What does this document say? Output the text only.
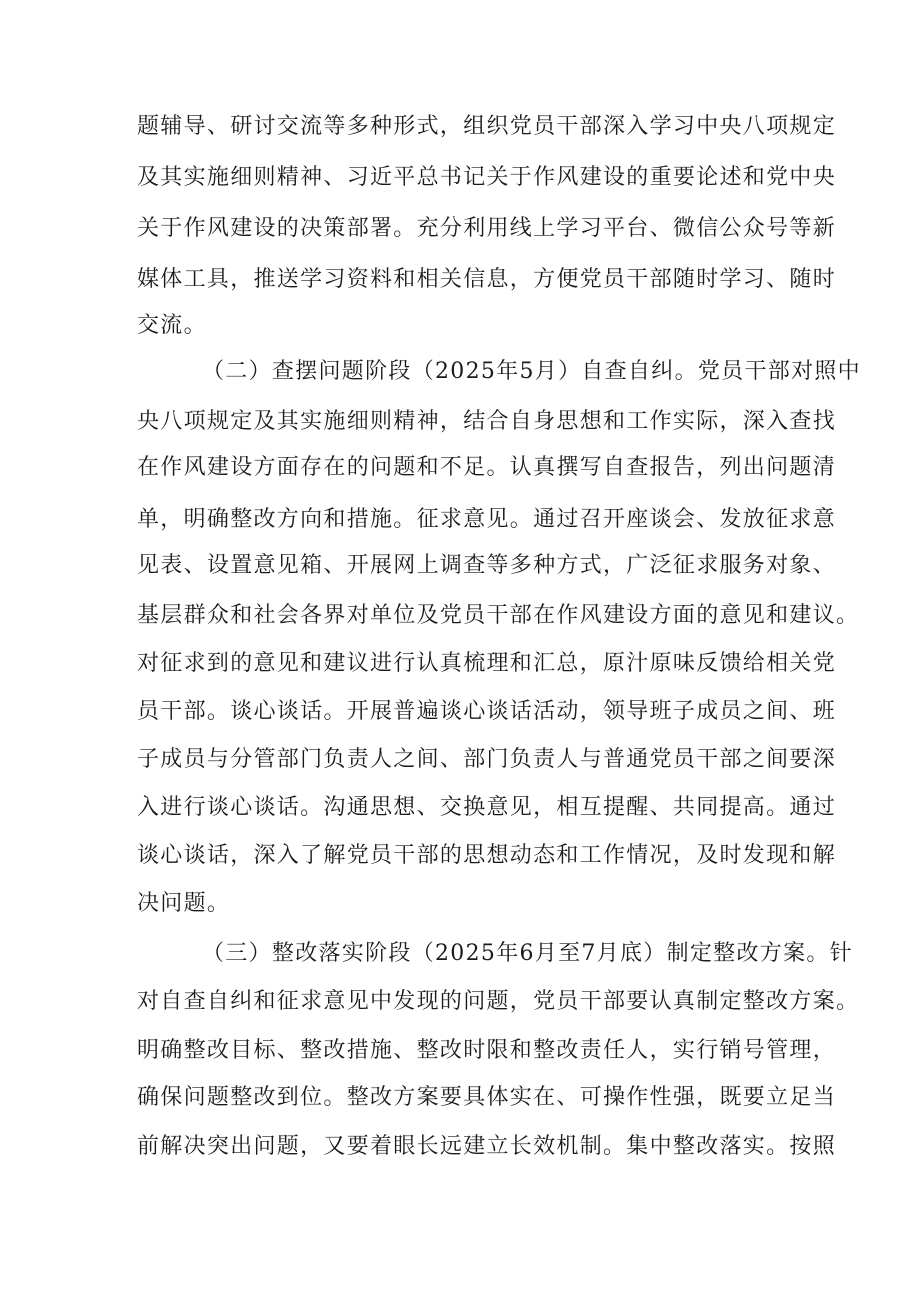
题辅导、研讨交流等多种形式，组织党员干部深入学习中央八项规定
及其实施细则精神、习近平总书记关于作风建设的重要论述和党中央
关于作风建设的决策部署。充分利用线上学习平台、微信公众号等新
媒体工具，推送学习资料和相关信息，方便党员干部随时学习、随时
交流。
（二）查摆问题阶段（2025年5月）自查自纠。党员干部对照中
央八项规定及其实施细则精神，结合自身思想和工作实际，深入查找
在作风建设方面存在的问题和不足。认真撰写自查报告，列出问题清
单，明确整改方向和措施。征求意见。通过召开座谈会、发放征求意
见表、设置意见箱、开展网上调查等多种方式，广泛征求服务对象、
基层群众和社会各界对单位及党员干部在作风建设方面的意见和建议。
对征求到的意见和建议进行认真梳理和汇总，原汁原味反馈给相关党
员干部。谈心谈话。开展普遍谈心谈话活动，领导班子成员之间、班
子成员与分管部门负责人之间、部门负责人与普通党员干部之间要深
入进行谈心谈话。沟通思想、交换意见，相互提醒、共同提高。通过
谈心谈话，深入了解党员干部的思想动态和工作情况，及时发现和解
决问题。
（三）整改落实阶段（2025年6月至7月底）制定整改方案。针
对自查自纠和征求意见中发现的问题，党员干部要认真制定整改方案。
明确整改目标、整改措施、整改时限和整改责任人，实行销号管理，
确保问题整改到位。整改方案要具体实在、可操作性强，既要立足当
前解决突出问题，又要着眼长远建立长效机制。集中整改落实。按照
